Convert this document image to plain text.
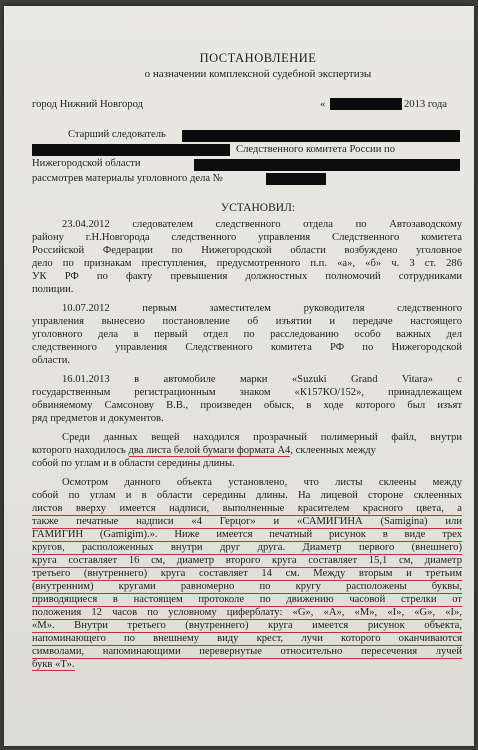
ПОСТАНОВЛЕНИЕ
о назначении комплексной судебной экспертизы
город Нижний Новгород	«	2013 года
Старший следователь
Следственного комитета России по
Нижегородской области
рассмотрев материалы уголовного дела №
УСТАНОВИЛ:
23.04.2012 следователем следственного отдела по Автозаводскому
району г.Н.Новгорода следственного управления Следственного комитета
Российской Федерации по Нижегородской области возбуждено уголовное
дело по признакам преступления, предусмотренного п.п. «а», «б» ч. 3 ст. 286
УК РФ по факту превышения должностных полномочий сотрудниками
полиции.
10.07.2012 первым заместителем руководителя следственного
управления вынесено постановление об изъятии и передаче настоящего
уголовного дела в первый отдел по расследованию особо важных дел
следственного управления Следственного комитета РФ по Нижегородской
области.
16.01.2013 в автомобиле марки «Suzuki Grand Vitara» с
государственным регистрационным знаком «К157КО/152», принадлежащем
обвиняемому Самсонову В.В., произведен обыск, в ходе которого был изъят
ряд предметов и документов.
Среди данных вещей находился прозрачный полимерный файл, внутри
которого находилось два листа белой бумаги формата А4, склеенных между
собой по углам и в области середины длины.
Осмотром данного объекта установлено, что листы склеены между
собой по углам и в области середины длины. На лицевой стороне склеенных
листов вверху имеется надписи, выполненные красителем красного цвета, а
также печатные надписи «4 Герцог» и «САМИГИНА (Samigina) или
ГАМИГИН (Gamigim).». Ниже имеется печатный рисунок в виде трех
кругов, расположенных внутри друг друга. Диаметр первого (внешнего)
круга составляет 16 см, диаметр второго круга составляет 15,1 см, диаметр
третьего (внутреннего) круга составляет 14 см. Между вторым и третьим
(внутренним) кругами равномерно по кругу расположены буквы,
приводящиеся в настоящем протоколе по движению часовой стрелки от
положения 12 часов по условному циферблату: «G», «А», «М», «I», «G», «I»,
«М». Внутри третьего (внутреннего) круга имеется рисунок объекта,
напоминающего по внешнему виду крест, лучи которого оканчиваются
символами, напоминающими перевернутые относительно пересечения лучей
букв «Т».
